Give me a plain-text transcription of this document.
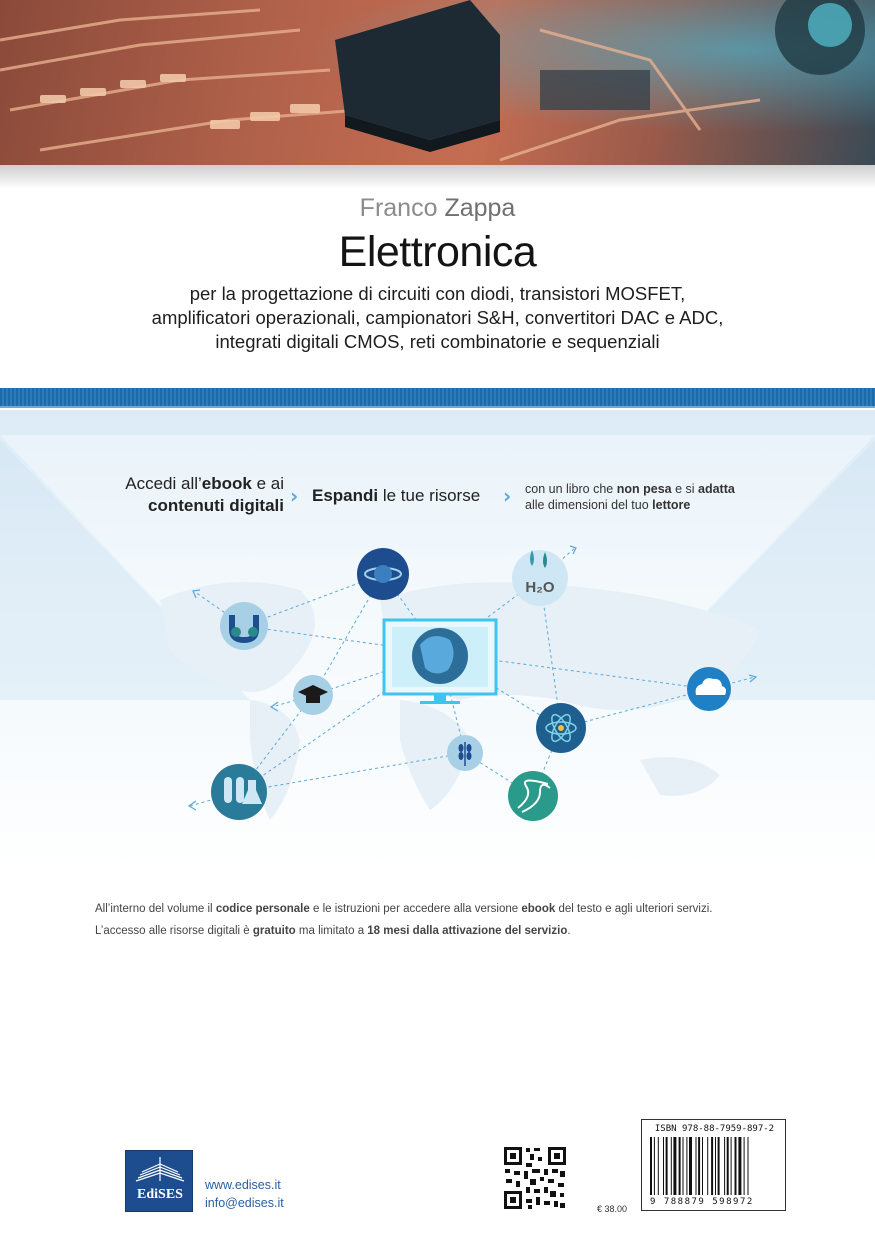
Franco Zappa
Elettronica
per la progettazione di circuiti con diodi, transistori MOSFET,
amplificatori operazionali, campionatori S&H, convertitori DAC e ADC,
integrati digitali CMOS, reti combinatorie e sequenziali
Accedi all’ebook e ai
contenuti digitali › Espandi le tue risorse	› con un libro che non pesa e si adatta
alle dimensioni del tuo lettore
H₂O
All’interno del volume il codice personale e le istruzioni per accedere alla versione ebook del testo e agli ulteriori servizi.
L’accesso alle risorse digitali è gratuito ma limitato a 18 mesi dalla attivazione del servizio.
EdiSES
www.edises.it
info@edises.it	€ 38.00
ISBN 978-88-7959-897-2
9 788879 598972
